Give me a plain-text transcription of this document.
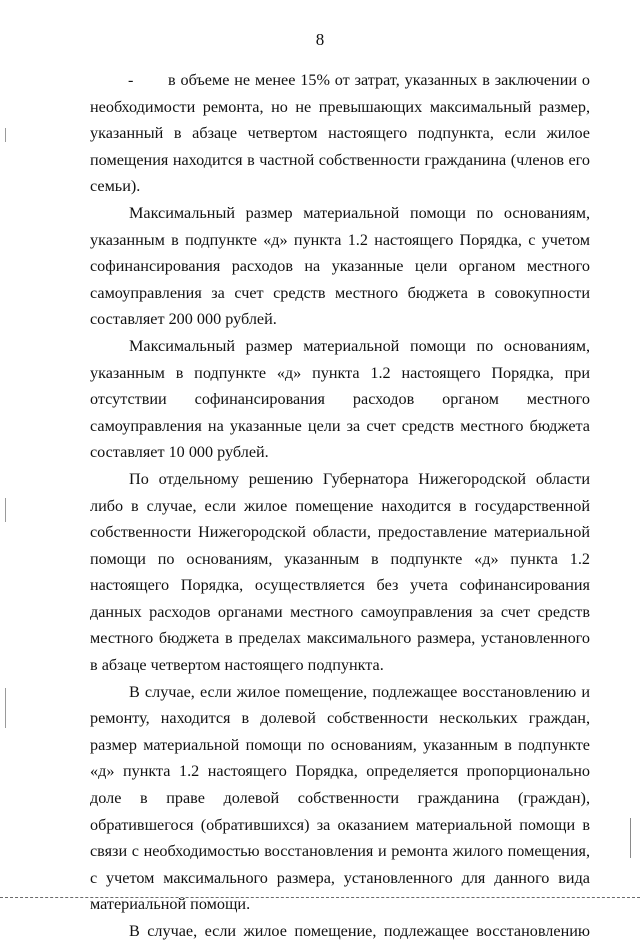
8

- в объеме не менее 15% от затрат, указанных в заключении о необходимости ремонта, но не превышающих максимальный размер, указанный в абзаце четвертом настоящего подпункта, если жилое помещения находится в частной собственности гражданина (членов его семьи).

Максимальный размер материальной помощи по основаниям, указанным в подпункте «д» пункта 1.2 настоящего Порядка, с учетом софинансирования расходов на указанные цели органом местного самоуправления за счет средств местного бюджета в совокупности составляет 200 000 рублей.

Максимальный размер материальной помощи по основаниям, указанным в подпункте «д» пункта 1.2 настоящего Порядка, при отсутствии софинансирования расходов органом местного самоуправления на указанные цели за счет средств местного бюджета составляет 10 000 рублей.

По отдельному решению Губернатора Нижегородской области либо в случае, если жилое помещение находится в государственной собственности Нижегородской области, предоставление материальной помощи по основаниям, указанным в подпункте «д» пункта 1.2 настоящего Порядка, осуществляется без учета софинансирования данных расходов органами местного самоуправления за счет средств местного бюджета в пределах максимального размера, установленного в абзаце четвертом настоящего подпункта.

В случае, если жилое помещение, подлежащее восстановлению и ремонту, находится в долевой собственности нескольких граждан, размер материальной помощи по основаниям, указанным в подпункте «д» пункта 1.2 настоящего Порядка, определяется пропорционально доле в праве долевой собственности гражданина (граждан), обратившегося (обратившихся) за оказанием материальной помощи в связи с необходимостью восстановления и ремонта жилого помещения, с учетом максимального размера, установленного для данного вида материальной помощи.

В случае, если жилое помещение, подлежащее восстановлению
